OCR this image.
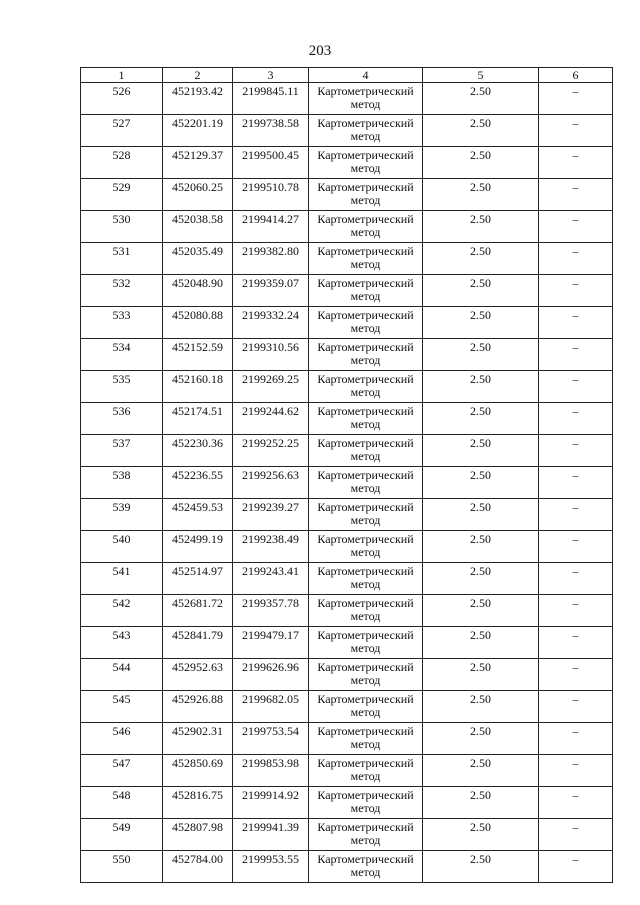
203
1	2	3	4	5	6
526	452193.42	2199845.11	Картометрический метод	2.50	–
527	452201.19	2199738.58	Картометрический метод	2.50	–
528	452129.37	2199500.45	Картометрический метод	2.50	–
529	452060.25	2199510.78	Картометрический метод	2.50	–
530	452038.58	2199414.27	Картометрический метод	2.50	–
531	452035.49	2199382.80	Картометрический метод	2.50	–
532	452048.90	2199359.07	Картометрический метод	2.50	–
533	452080.88	2199332.24	Картометрический метод	2.50	–
534	452152.59	2199310.56	Картометрический метод	2.50	–
535	452160.18	2199269.25	Картометрический метод	2.50	–
536	452174.51	2199244.62	Картометрический метод	2.50	–
537	452230.36	2199252.25	Картометрический метод	2.50	–
538	452236.55	2199256.63	Картометрический метод	2.50	–
539	452459.53	2199239.27	Картометрический метод	2.50	–
540	452499.19	2199238.49	Картометрический метод	2.50	–
541	452514.97	2199243.41	Картометрический метод	2.50	–
542	452681.72	2199357.78	Картометрический метод	2.50	–
543	452841.79	2199479.17	Картометрический метод	2.50	–
544	452952.63	2199626.96	Картометрический метод	2.50	–
545	452926.88	2199682.05	Картометрический метод	2.50	–
546	452902.31	2199753.54	Картометрический метод	2.50	–
547	452850.69	2199853.98	Картометрический метод	2.50	–
548	452816.75	2199914.92	Картометрический метод	2.50	–
549	452807.98	2199941.39	Картометрический метод	2.50	–
550	452784.00	2199953.55	Картометрический метод	2.50	–
